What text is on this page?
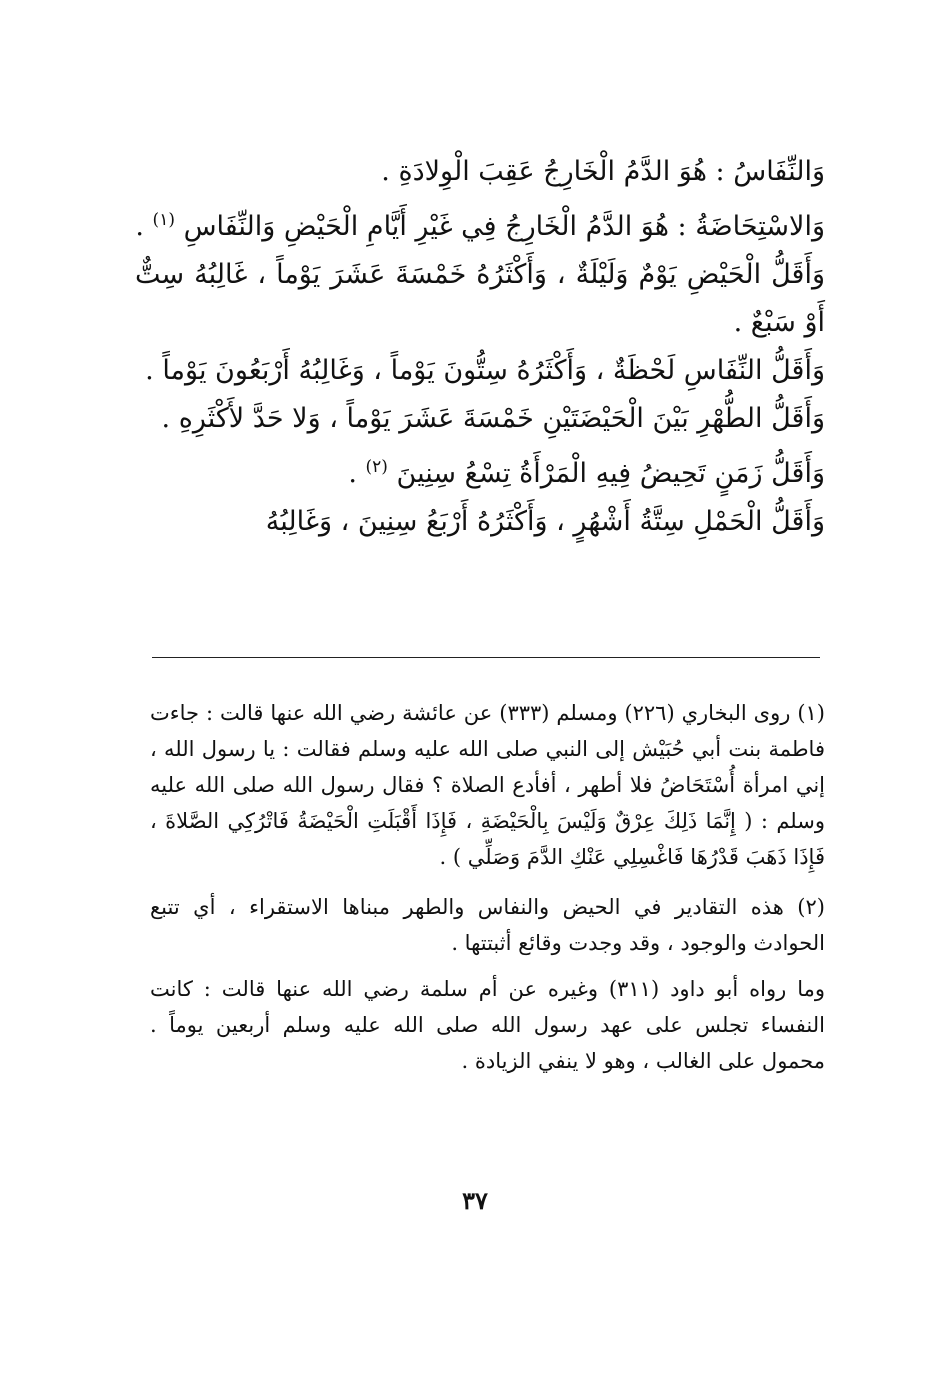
وَالنِّفَاسُ : هُوَ الدَّمُ الْخَارِجُ عَقِبَ الْوِلادَةِ .

وَالاسْتِحَاضَةُ : هُوَ الدَّمُ الْخَارِجُ فِي غَيْرِ أَيَّامِ الْحَيْضِ وَالنِّفَاسِ $^{(١)}$ .

وَأَقَلُّ الْحَيْضِ يَوْمٌ وَلَيْلَةٌ ، وَأَكْثَرُهُ خَمْسَةَ عَشَرَ يَوْماً ، غَالِبُهُ سِتٌّ أَوْ سَبْعٌ .

وَأَقَلُّ النِّفَاسِ لَحْظَةٌ ، وَأَكْثَرُهُ سِتُّونَ يَوْماً ، وَغَالِبُهُ أَرْبَعُونَ يَوْماً .

وَأَقَلُّ الطُّهْرِ بَيْنَ الْحَيْضَتَيْنِ خَمْسَةَ عَشَرَ يَوْماً ، وَلا حَدَّ لأَكْثَرِهِ .

وَأَقَلُّ زَمَنٍ تَحِيضُ فِيهِ الْمَرْأَةُ تِسْعُ سِنِينَ $^{(٢)}$ .

وَأَقَلُّ الْحَمْلِ سِتَّةُ أَشْهُرٍ ، وَأَكْثَرُهُ أَرْبَعُ سِنِينَ ، وَغَالِبُهُ

(١) روى البخاري (٢٢٦) ومسلم (٣٣٣) عن عائشة رضي الله عنها قالت : جاءت فاطمة بنت أبي حُبَيْش إلى النبي صلى الله عليه وسلم فقالت : يا رسول الله ، إني امرأة أُسْتَحَاضُ فلا أطهر ، أفأدع الصلاة ؟ فقال رسول الله صلى الله عليه وسلم : ( إِنَّمَا ذَلِكَ عِرْقٌ وَلَيْسَ بِالْحَيْضَةِ ، فَإِذَا أَقْبَلَتِ الْحَيْضَةُ فَاتْرُكِي الصَّلاةَ ، فَإِذَا ذَهَبَ قَدْرُهَا فَاغْسِلِي عَنْكِ الدَّمَ وَصَلِّي ) .

(٢) هذه التقادير في الحيض والنفاس والطهر مبناها الاستقراء ، أي تتبع الحوادث والوجود ، وقد وجدت وقائع أثبتتها .

وما رواه أبو داود (٣١١) وغيره عن أم سلمة رضي الله عنها قالت : كانت النفساء تجلس على عهد رسول الله صلى الله عليه وسلم أربعين يوماً . محمول على الغالب ، وهو لا ينفي الزيادة .

٣٧
